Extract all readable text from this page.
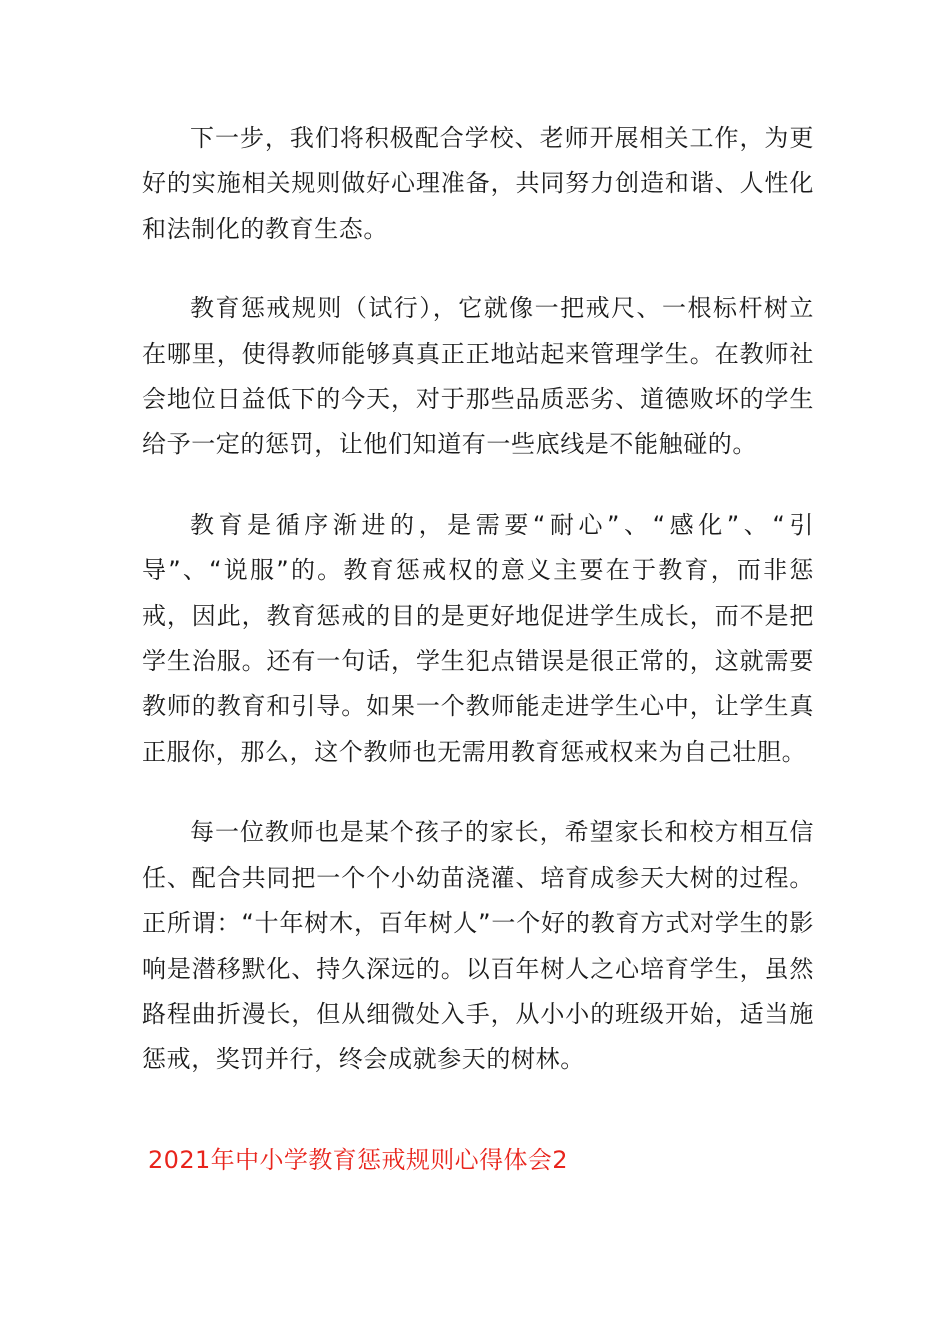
下一步，我们将积极配合学校、老师开展相关工作，为更好的实施相关规则做好心理准备，共同努力创造和谐、人性化和法制化的教育生态。

教育惩戒规则（试行），它就像一把戒尺、一根标杆树立在哪里，使得教师能够真真正正地站起来管理学生。在教师社会地位日益低下的今天，对于那些品质恶劣、道德败坏的学生给予一定的惩罚，让他们知道有一些底线是不能触碰的。

教育是循序渐进的，是需要“耐心”、“感化”、“引导”、“说服”的。教育惩戒权的意义主要在于教育，而非惩戒，因此，教育惩戒的目的是更好地促进学生成长，而不是把学生治服。还有一句话，学生犯点错误是很正常的，这就需要教师的教育和引导。如果一个教师能走进学生心中，让学生真正服你，那么，这个教师也无需用教育惩戒权来为自己壮胆。

每一位教师也是某个孩子的家长，希望家长和校方相互信任、配合共同把一个个小幼苗浇灌、培育成参天大树的过程。正所谓：“十年树木，百年树人”一个好的教育方式对学生的影响是潜移默化、持久深远的。以百年树人之心培育学生，虽然路程曲折漫长，但从细微处入手，从小小的班级开始，适当施惩戒，奖罚并行，终会成就参天的树林。

2021年中小学教育惩戒规则心得体会2
